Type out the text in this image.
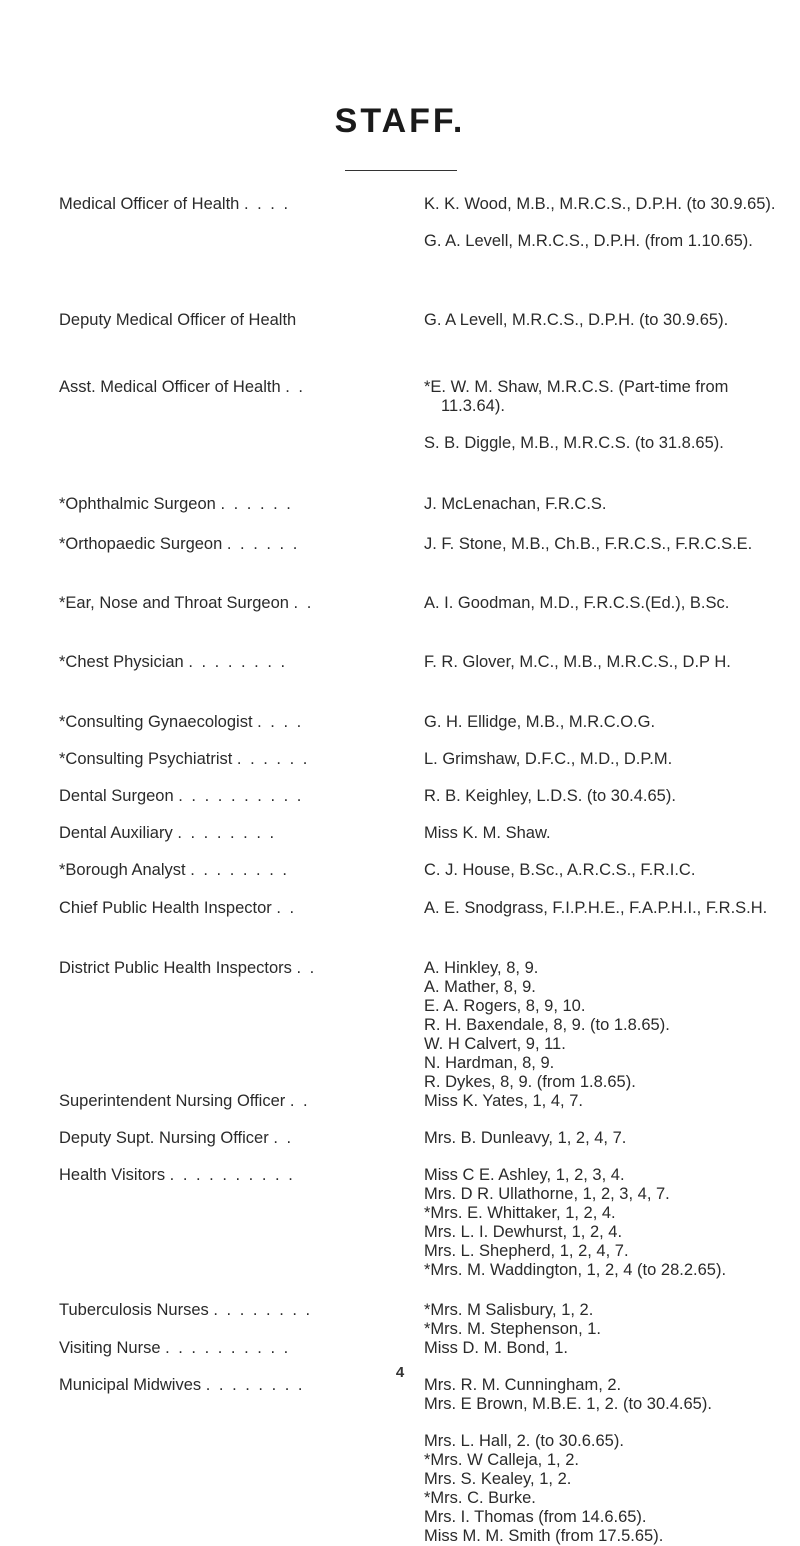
STAFF.
Medical Officer of Health . . . .	K. K. Wood, M.B., M.R.C.S., D.P.H. (to 30.9.65).
G. A. Levell, M.R.C.S., D.P.H. (from 1.10.65).
Deputy Medical Officer of Health	G. A Levell, M.R.C.S., D.P.H. (to 30.9.65).
Asst. Medical Officer of Health . .	*E. W. M. Shaw, M.R.C.S. (Part-time from 11.3.64).
S. B. Diggle, M.B., M.R.C.S. (to 31.8.65).
*Ophthalmic Surgeon . . . . . .	J. McLenachan, F.R.C.S.
*Orthopaedic Surgeon . . . . . .	J. F. Stone, M.B., Ch.B., F.R.C.S., F.R.C.S.E.
*Ear, Nose and Throat Surgeon . .	A. I. Goodman, M.D., F.R.C.S.(Ed.), B.Sc.
*Chest Physician . . . . . . . .	F. R. Glover, M.C., M.B., M.R.C.S., D.P H.
*Consulting Gynaecologist . . . .	G. H. Ellidge, M.B., M.R.C.O.G.
*Consulting Psychiatrist . . . . . .	L. Grimshaw, D.F.C., M.D., D.P.M.
Dental Surgeon . . . . . . . . . .	R. B. Keighley, L.D.S. (to 30.4.65).
Dental Auxiliary . . . . . . . .	Miss K. M. Shaw.
*Borough Analyst . . . . . . . .	C. J. House, B.Sc., A.R.C.S., F.R.I.C.
Chief Public Health Inspector . .	A. E. Snodgrass, F.I.P.H.E., F.A.P.H.I., F.R.S.H.
District Public Health Inspectors . .	A. Hinkley, 8, 9.
A. Mather, 8, 9.
E. A. Rogers, 8, 9, 10.
R. H. Baxendale, 8, 9. (to 1.8.65).
W. H Calvert, 9, 11.
N. Hardman, 8, 9.
R. Dykes, 8, 9. (from 1.8.65).
Superintendent Nursing Officer . .	Miss K. Yates, 1, 4, 7.
Deputy Supt. Nursing Officer . .	Mrs. B. Dunleavy, 1, 2, 4, 7.
Health Visitors . . . . . . . . . .	Miss C E. Ashley, 1, 2, 3, 4.
Mrs. D R. Ullathorne, 1, 2, 3, 4, 7.
*Mrs. E. Whittaker, 1, 2, 4.
Mrs. L. I. Dewhurst, 1, 2, 4.
Mrs. L. Shepherd, 1, 2, 4, 7.
*Mrs. M. Waddington, 1, 2, 4 (to 28.2.65).
Tuberculosis Nurses . . . . . . . .	*Mrs. M Salisbury, 1, 2.
*Mrs. M. Stephenson, 1.
Visiting Nurse . . . . . . . . . .	Miss D. M. Bond, 1.
Municipal Midwives . . . . . . . .	Mrs. R. M. Cunningham, 2.
Mrs. E Brown, M.B.E. 1, 2. (to 30.4.65).
Mrs. L. Hall, 2. (to 30.6.65).
*Mrs. W Calleja, 1, 2.
Mrs. S. Kealey, 1, 2.
*Mrs. C. Burke.
Mrs. I. Thomas (from 14.6.65).
Miss M. M. Smith (from 17.5.65).
4
